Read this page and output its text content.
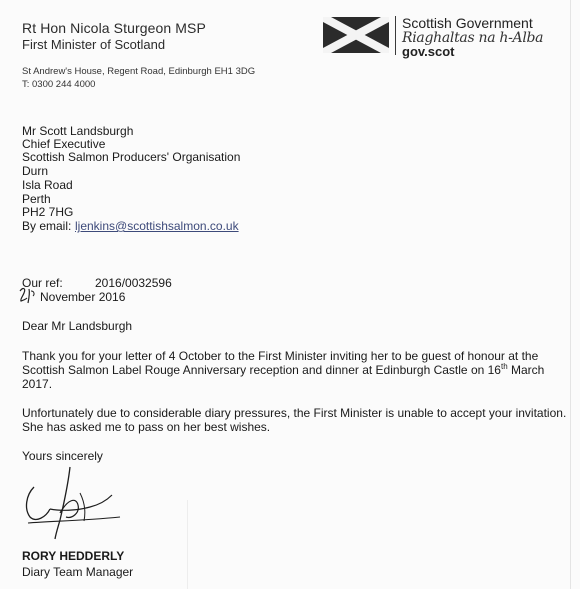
Rt Hon Nicola Sturgeon MSP
First Minister of Scotland
St Andrew's House, Regent Road, Edinburgh EH1 3DG
T: 0300 244 4000
Scottish Government
Riaghaltas na h-Alba
gov.scot
Mr Scott Landsburgh
Chief Executive
Scottish Salmon Producers' Organisation
Durn
Isla Road
Perth
PH2 7HG
By email: ljenkins@scottishsalmon.co.uk
Our ref:	2016/0032596
November 2016
Dear Mr Landsburgh
Thank you for your letter of 4 October to the First Minister inviting her to be guest of honour at the Scottish Salmon Label Rouge Anniversary reception and dinner at Edinburgh Castle on 16th March 2017.
Unfortunately due to considerable diary pressures, the First Minister is unable to accept your invitation. She has asked me to pass on her best wishes.
Yours sincerely
RORY HEDDERLY
Diary Team Manager
